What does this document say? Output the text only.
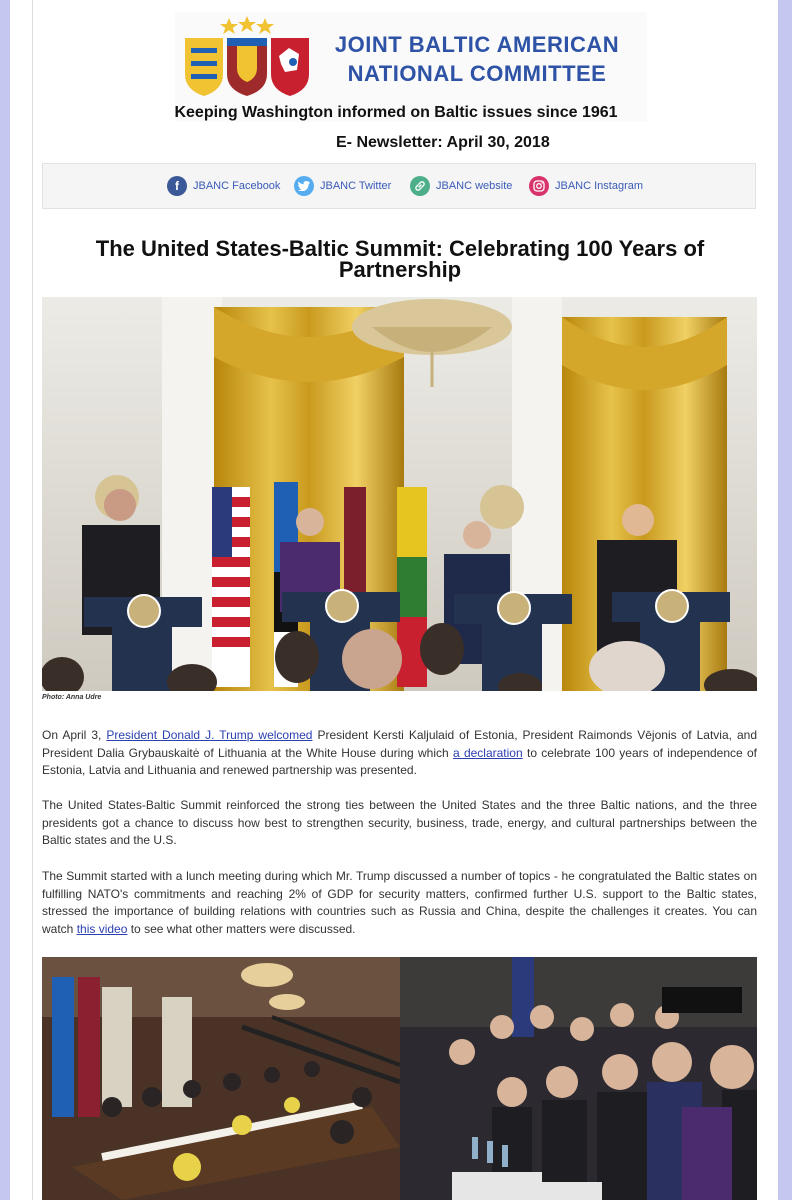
JOINT BALTIC AMERICAN
NATIONAL COMMITTEE
Keeping Washington informed on Baltic issues since 1961
E- Newsletter: April 30, 2018
f	JBANC Facebook	JBANC Twitter	JBANC website	JBANC Instagram
The United States-Baltic Summit: Celebrating 100 Years of Partnership
Photo: Anna Udre
On April 3, President Donald J. Trump welcomed President Kersti Kaljulaid of Estonia, President Raimonds Vējonis of Latvia, and President Dalia Grybauskaitė of Lithuania at the White House during which a declaration to celebrate 100 years of independence of Estonia, Latvia and Lithuania and renewed partnership was presented.
The United States-Baltic Summit reinforced the strong ties between the United States and the three Baltic nations, and the three presidents got a chance to discuss how best to strengthen security, business, trade, energy, and cultural partnerships between the Baltic states and the U.S.
The Summit started with a lunch meeting during which Mr. Trump discussed a number of topics - he congratulated the Baltic states on fulfilling NATO's commitments and reaching 2% of GDP for security matters, confirmed further U.S. support to the Baltic states, stressed the importance of building relations with countries such as Russia and China, despite the challenges it creates. You can watch this video to see what other matters were discussed.
